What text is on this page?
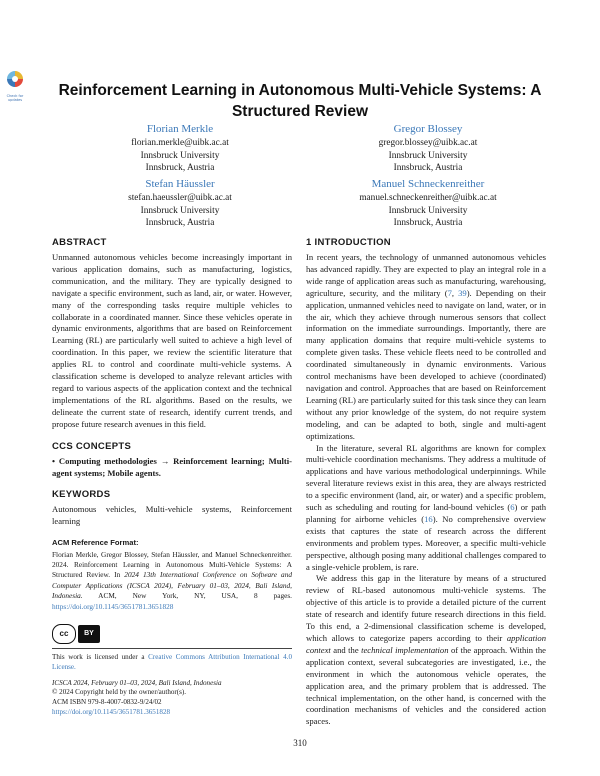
Check for
updates
Reinforcement Learning in Autonomous Multi-Vehicle Systems: A Structured Review
Florian Merkle
florian.merkle@uibk.ac.at
Innsbruck University
Innsbruck, Austria
Gregor Blossey
gregor.blossey@uibk.ac.at
Innsbruck University
Innsbruck, Austria
Stefan Häussler
stefan.haeussler@uibk.ac.at
Innsbruck University
Innsbruck, Austria
Manuel Schneckenreither
manuel.schneckenreither@uibk.ac.at
Innsbruck University
Innsbruck, Austria
ABSTRACT

Unmanned autonomous vehicles become increasingly important in various application domains, such as manufacturing, logistics, communication, and the military. They are typically designed to navigate a specific environment, such as land, air, or water. However, many of the corresponding tasks require multiple vehicles to collaborate in a coordinated manner. Since these vehicles operate in dynamic environments, algorithms that are based on Reinforcement Learning (RL) are particularly well suited to achieve a high level of coordination. In this paper, we review the scientific literature that applies RL to control and coordinate multi-vehicle systems. A classification scheme is developed to analyze relevant articles with regard to various aspects of the application context and the technical implementations of the RL algorithms. Based on the results, we delineate the current state of research, identify current trends, and propose future research avenues in this field.

CCS CONCEPTS

• Computing methodologies → Reinforcement learning; Multi-agent systems; Mobile agents.

KEYWORDS

Autonomous vehicles, Multi-vehicle systems, Reinforcement learning

ACM Reference Format:

Florian Merkle, Gregor Blossey, Stefan Häussler, and Manuel Schneckenreither. 2024. Reinforcement Learning in Autonomous Multi-Vehicle Systems: A Structured Review. In 2024 13th International Conference on Software and Computer Applications (ICSCA 2024), February 01–03, 2024, Bali Island, Indonesia. ACM, New York, NY, USA, 8 pages. https://doi.org/10.1145/3651781.3651828

cc	BY

This work is licensed under a Creative Commons Attribution International 4.0 License.

ICSCA 2024, February 01–03, 2024, Bali Island, Indonesia

© 2024 Copyright held by the owner/author(s).

ACM ISBN 979-8-4007-0832-9/24/02

https://doi.org/10.1145/3651781.3651828

1 INTRODUCTION

In recent years, the technology of unmanned autonomous vehicles has advanced rapidly. They are expected to play an integral role in a wide range of application areas such as manufacturing, warehousing, agriculture, security, and the military (7, 39). Depending on their application, unmanned vehicles need to navigate on land, water, or in the air, which they achieve through numerous sensors that collect information on the immediate surroundings. Importantly, there are many application domains that require multi-vehicle systems to complete given tasks. These vehicle fleets need to be controlled and coordinated simultaneously in dynamic environments. Various control mechanisms have been developed to achieve (coordinated) navigation and control. Approaches that are based on Reinforcement Learning (RL) are particularly suited for this task since they can learn without any prior knowledge of the system, do not require system modeling, and can be adapted to both, single and multi-agent optimizations.

In the literature, several RL algorithms are known for complex multi-vehicle coordination mechanisms. They address a multitude of applications and have various methodological underpinnings. While several literature reviews exist in this area, they are always restricted to a specific environment (land, air, or water) and a specific problem, such as scheduling and routing for land-bound vehicles (6) or path planning for airborne vehicles (16). No comprehensive overview exists that captures the state of research across the different environments and problem types. Moreover, a specific multi-vehicle perspective, although posing many additional challenges compared to a single-vehicle problem, is rare.

We address this gap in the literature by means of a structured review of RL-based autonomous multi-vehicle systems. The objective of this article is to provide a detailed picture of the current state of research and identify future research directions in this field. To this end, a 2-dimensional classification scheme is developed, which allows to categorize papers according to their application context and the technical implementation of the approach. Within the application context, several subcategories are investigated, i.e., the environment in which the autonomous vehicle operates, the application area, and the primary problem that is addressed. The technical implementation, on the other hand, is concerned with the coordination mechanisms of vehicles and the considered action spaces.

310
